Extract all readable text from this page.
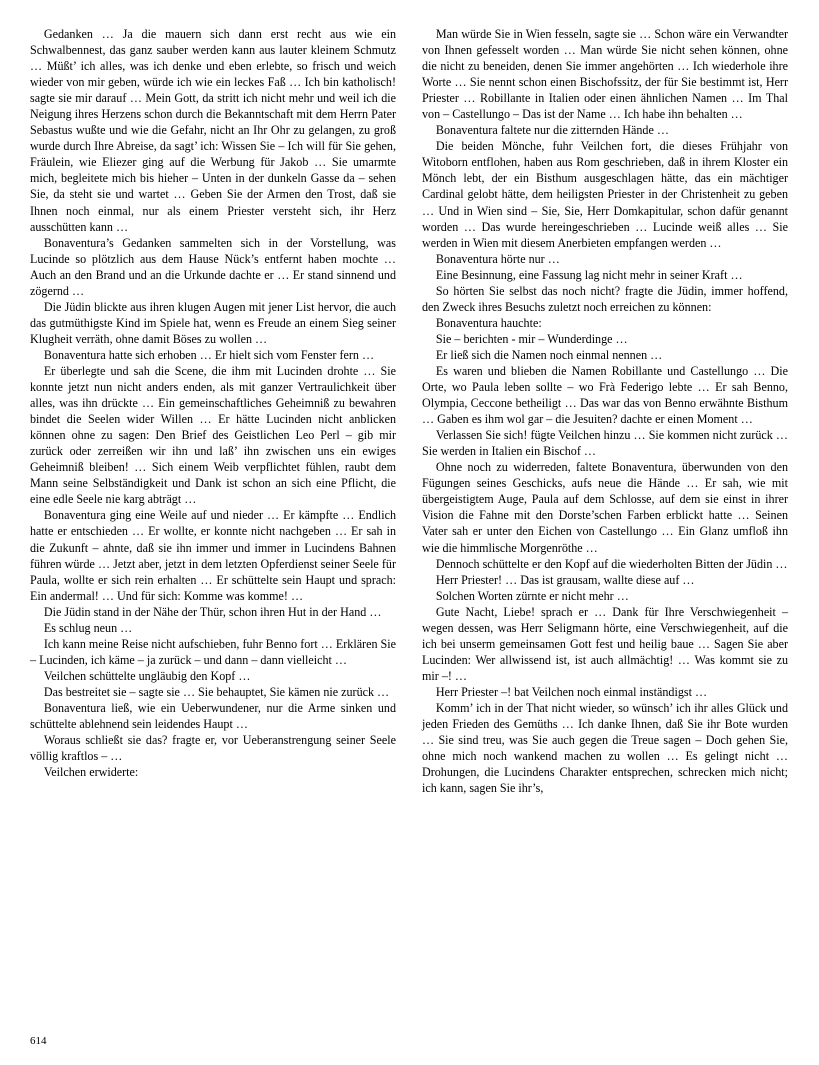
Gedanken … Ja die mauern sich dann erst recht aus wie ein Schwalbennest, das ganz sauber werden kann aus lauter kleinem Schmutz … Müßt’ ich alles, was ich denke und eben erlebte, so frisch und weich wieder von mir geben, würde ich wie ein leckes Faß … Ich bin katholisch! sagte sie mir darauf … Mein Gott, da stritt ich nicht mehr und weil ich die Neigung ihres Herzens schon durch die Bekanntschaft mit dem Herrn Pater Sebastus wußte und wie die Gefahr, nicht an Ihr Ohr zu gelangen, zu groß wurde durch Ihre Abreise, da sagt’ ich: Wissen Sie – Ich will für Sie gehen, Fräulein, wie Eliezer ging auf die Werbung für Jakob … Sie umarmte mich, begleitete mich bis hieher – Unten in der dunkeln Gasse da – sehen Sie, da steht sie und wartet … Geben Sie der Armen den Trost, daß sie Ihnen noch einmal, nur als einem Priester versteht sich, ihr Herz ausschütten kann …

Bonaventura’s Gedanken sammelten sich in der Vorstellung, was Lucinde so plötzlich aus dem Hause Nück’s entfernt haben mochte … Auch an den Brand und an die Urkunde dachte er … Er stand sinnend und zögernd …

Die Jüdin blickte aus ihren klugen Augen mit jener List hervor, die auch das gutmüthigste Kind im Spiele hat, wenn es Freude an einem Sieg seiner Klugheit verräth, ohne damit Böses zu wollen …

Bonaventura hatte sich erhoben … Er hielt sich vom Fenster fern …

Er überlegte und sah die Scene, die ihm mit Lucinden drohte … Sie konnte jetzt nun nicht anders enden, als mit ganzer Vertraulichkeit über alles, was ihn drückte … Ein gemeinschaftliches Geheimniß zu bewahren bindet die Seelen wider Willen … Er hätte Lucinden nicht anblicken können ohne zu sagen: Den Brief des Geistlichen Leo Perl – gib mir zurück oder zerreißen wir ihn und laß’ ihn zwischen uns ein ewiges Geheimniß bleiben! … Sich einem Weib verpflichtet fühlen, raubt dem Mann seine Selbständigkeit und Dank ist schon an sich eine Pflicht, die eine edle Seele nie karg abträgt …

Bonaventura ging eine Weile auf und nieder … Er kämpfte … Endlich hatte er entschieden … Er wollte, er konnte nicht nachgeben … Er sah in die Zukunft – ahnte, daß sie ihn immer und immer in Lucindens Bahnen führen würde … Jetzt aber, jetzt in dem letzten Opferdienst seiner Seele für Paula, wollte er sich rein erhalten … Er schüttelte sein Haupt und sprach: Ein andermal! … Und für sich: Komme was komme! …

Die Jüdin stand in der Nähe der Thür, schon ihren Hut in der Hand …

Es schlug neun …

Ich kann meine Reise nicht aufschieben, fuhr Benno fort … Erklären Sie – Lucinden, ich käme – ja zurück – und dann – dann vielleicht …

Veilchen schüttelte ungläubig den Kopf …

Das bestreitet sie – sagte sie … Sie behauptet, Sie kämen nie zurück …

Bonaventura ließ, wie ein Ueberwundener, nur die Arme sinken und schüttelte ablehnend sein leidendes Haupt …

Woraus schließt sie das? fragte er, vor Ueberanstrengung seiner Seele völlig kraftlos – …

Veilchen erwiderte:

Man würde Sie in Wien fesseln, sagte sie … Schon wäre ein Verwandter von Ihnen gefesselt worden … Man würde Sie nicht sehen können, ohne die nicht zu beneiden, denen Sie immer angehörten … Ich wiederhole ihre Worte … Sie nennt schon einen Bischofssitz, der für Sie bestimmt ist, Herr Priester … Robillante in Italien oder einen ähnlichen Namen … Im Thal von – Castellungo – Das ist der Name … Ich habe ihn behalten …

Bonaventura faltete nur die zitternden Hände …

Die beiden Mönche, fuhr Veilchen fort, die dieses Frühjahr von Witoborn entflohen, haben aus Rom geschrieben, daß in ihrem Kloster ein Mönch lebt, der ein Bisthum ausgeschlagen hätte, das ein mächtiger Cardinal gelobt hätte, dem heiligsten Priester in der Christenheit zu geben … Und in Wien sind – Sie, Sie, Herr Domkapitular, schon dafür genannt worden … Das wurde hereingeschrieben … Lucinde weiß alles … Sie werden in Wien mit diesem Anerbieten empfangen werden …

Bonaventura hörte nur …

Eine Besinnung, eine Fassung lag nicht mehr in seiner Kraft …

So hörten Sie selbst das noch nicht? fragte die Jüdin, immer hoffend, den Zweck ihres Besuchs zuletzt noch erreichen zu können:

Bonaventura hauchte:

Sie – berichten - mir – Wunderdinge …

Er ließ sich die Namen noch einmal nennen …

Es waren und blieben die Namen Robillante und Castellungo … Die Orte, wo Paula leben sollte – wo Frà Federigo lebte … Er sah Benno, Olympia, Ceccone betheiligt … Das war das von Benno erwähnte Bisthum … Gaben es ihm wol gar – die Jesuiten? dachte er einen Moment …

Verlassen Sie sich! fügte Veilchen hinzu … Sie kommen nicht zurück … Sie werden in Italien ein Bischof …

Ohne noch zu widerreden, faltete Bonaventura, überwunden von den Fügungen seines Geschicks, aufs neue die Hände … Er sah, wie mit übergeistigtem Auge, Paula auf dem Schlosse, auf dem sie einst in ihrer Vision die Fahne mit den Dorste’schen Farben erblickt hatte … Seinen Vater sah er unter den Eichen von Castellungo … Ein Glanz umfloß ihn wie die himmlische Morgenröthe …

Dennoch schüttelte er den Kopf auf die wiederholten Bitten der Jüdin …

Herr Priester! … Das ist grausam, wallte diese auf …

Solchen Worten zürnte er nicht mehr …

Gute Nacht, Liebe! sprach er … Dank für Ihre Verschwiegenheit – wegen dessen, was Herr Seligmann hörte, eine Verschwiegenheit, auf die ich bei unserm gemeinsamen Gott fest und heilig baue … Sagen Sie aber Lucinden: Wer allwissend ist, ist auch allmächtig! … Was kommt sie zu mir –! …

Herr Priester –! bat Veilchen noch einmal inständigst …

Komm’ ich in der That nicht wieder, so wünsch’ ich ihr alles Glück und jeden Frieden des Gemüths … Ich danke Ihnen, daß Sie ihr Bote wurden … Sie sind treu, was Sie auch gegen die Treue sagen – Doch gehen Sie, ohne mich noch wankend machen zu wollen … Es gelingt nicht … Drohungen, die Lucindens Charakter entsprechen, schrecken mich nicht; ich kann, sagen Sie ihr’s,

614
